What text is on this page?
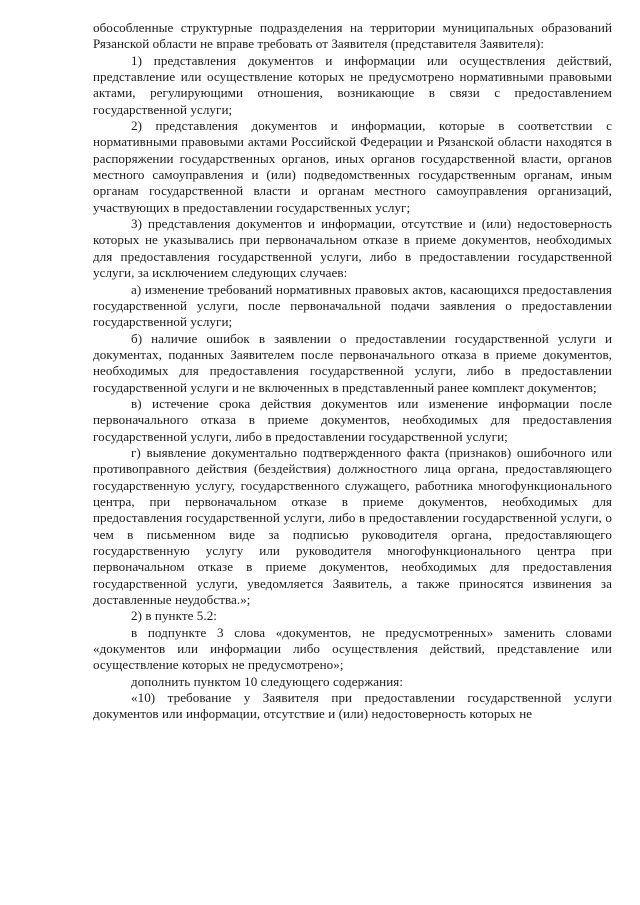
обособленные структурные подразделения на территории муниципальных образований Рязанской области не вправе требовать от Заявителя (представителя Заявителя):

1) представления документов и информации или осуществления действий, представление или осуществление которых не предусмотрено нормативными правовыми актами, регулирующими отношения, возникающие в связи с предоставлением государственной услуги;

2) представления документов и информации, которые в соответствии с нормативными правовыми актами Российской Федерации и Рязанской области находятся в распоряжении государственных органов, иных органов государственной власти, органов местного самоуправления и (или) подведомственных государственным органам, иным органам государственной власти и органам местного самоуправления организаций, участвующих в предоставлении государственных услуг;

3) представления документов и информации, отсутствие и (или) недостоверность которых не указывались при первоначальном отказе в приеме документов, необходимых для предоставления государственной услуги, либо в предоставлении государственной услуги, за исключением следующих случаев:

а) изменение требований нормативных правовых актов, касающихся предоставления государственной услуги, после первоначальной подачи заявления о предоставлении государственной услуги;

б) наличие ошибок в заявлении о предоставлении государственной услуги и документах, поданных Заявителем после первоначального отказа в приеме документов, необходимых для предоставления государственной услуги, либо в предоставлении государственной услуги и не включенных в представленный ранее комплект документов;

в) истечение срока действия документов или изменение информации после первоначального отказа в приеме документов, необходимых для предоставления государственной услуги, либо в предоставлении государственной услуги;

г) выявление документально подтвержденного факта (признаков) ошибочного или противоправного действия (бездействия) должностного лица органа, предоставляющего государственную услугу, государственного служащего, работника многофункционального центра, при первоначальном отказе в приеме документов, необходимых для предоставления государственной услуги, либо в предоставлении государственной услуги, о чем в письменном виде за подписью руководителя органа, предоставляющего государственную услугу или руководителя многофункционального центра при первоначальном отказе в приеме документов, необходимых для предоставления государственной услуги, уведомляется Заявитель, а также приносятся извинения за доставленные неудобства.»;

2) в пункте 5.2:

в подпункте 3 слова «документов, не предусмотренных» заменить словами «документов или информации либо осуществления действий, представление или осуществление которых не предусмотрено»;

дополнить пунктом 10 следующего содержания:

«10) требование у Заявителя при предоставлении государственной услуги документов или информации, отсутствие и (или) недостоверность которых не
